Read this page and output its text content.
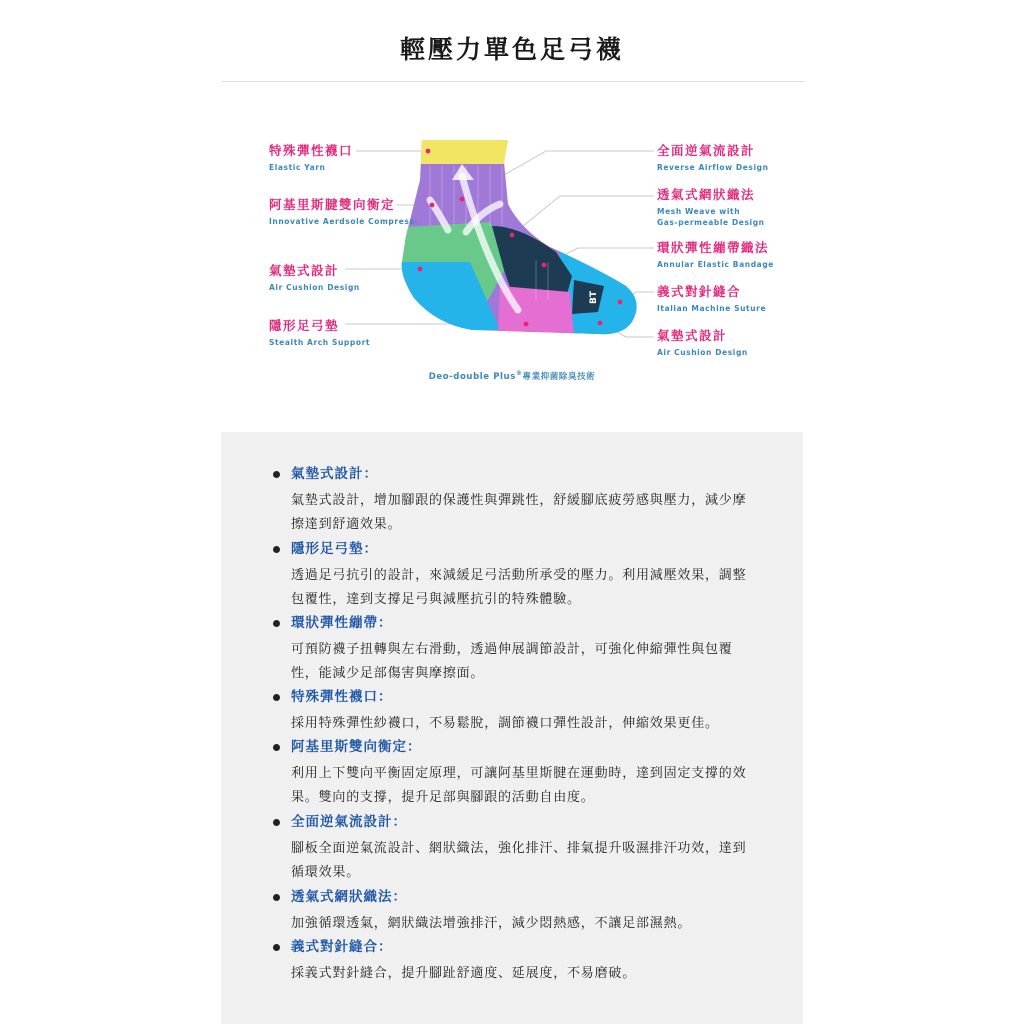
輕壓力單色足弓襪
BT
特殊彈性襪口
Elastic Yarn
阿基里斯腱雙向衡定
Innovative Aerdsole Compress-
氣墊式設計
Air Cushion Design
隱形足弓墊
Stealth Arch Support
全面逆氣流設計
Reverse Airflow Design
透氣式網狀織法
Mesh Weave with
Gas-permeable Design
環狀彈性繃帶織法
Annular Elastic Bandage
義式對針縫合
Italian Machine Suture
氣墊式設計
Air Cushion Design
Deo-double Plus®專業抑菌除臭技術
氣墊式設計：
氣墊式設計，增加腳跟的保護性與彈跳性，舒緩腳底疲勞感與壓力，減少摩擦達到舒適效果。
隱形足弓墊：
透過足弓抗引的設計，來減緩足弓活動所承受的壓力。利用減壓效果，調整包覆性，達到支撐足弓與減壓抗引的特殊體驗。
環狀彈性繃帶：
可預防襪子扭轉與左右滑動，透過伸展調節設計，可強化伸縮彈性與包覆性，能減少足部傷害與摩擦面。
特殊彈性襪口：
採用特殊彈性紗襪口，不易鬆脫，調節襪口彈性設計，伸縮效果更佳。
阿基里斯雙向衡定：
利用上下雙向平衡固定原理，可讓阿基里斯腱在運動時，達到固定支撐的效果。雙向的支撐，提升足部與腳跟的活動自由度。
全面逆氣流設計：
腳板全面逆氣流設計、網狀織法，強化排汗、排氣提升吸濕排汗功效，達到循環效果。
透氣式網狀織法：
加強循環透氣，網狀織法增強排汗，減少悶熱感，不讓足部濕熱。
義式對針縫合：
採義式對針縫合，提升腳趾舒適度、延展度，不易磨破。
